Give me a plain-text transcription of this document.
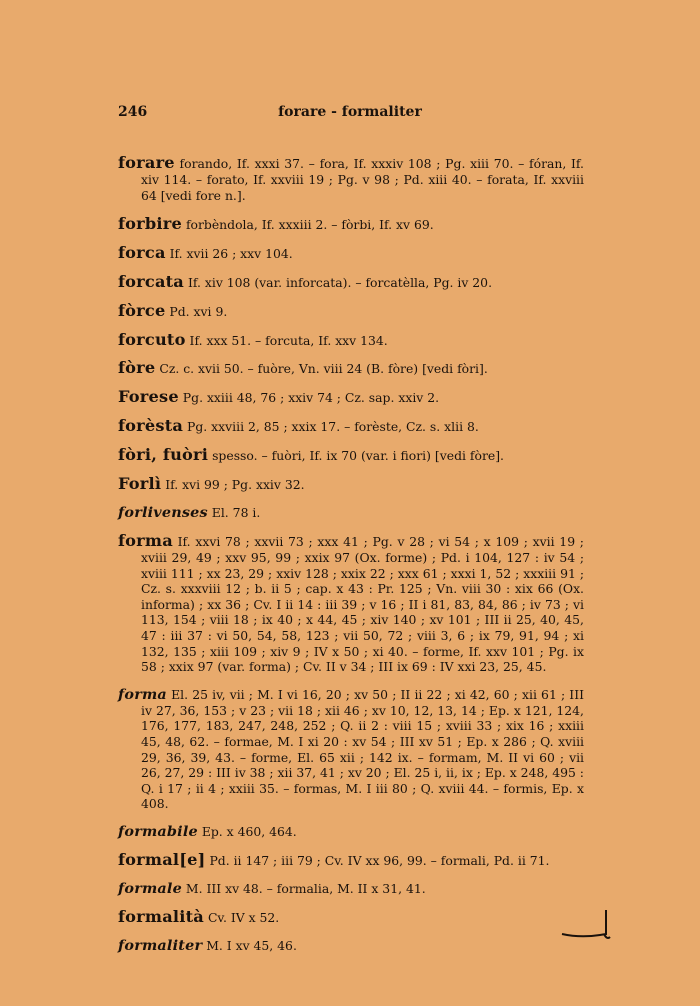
246	forare - formaliter

forare forando, If. xxxi 37. – fora, If. xxxiv 108 ; Pg. xiii 70. – fóran, If. xiv 114. – forato, If. xxviii 19 ; Pg. v 98 ; Pd. xiii 40. – forata, If. xxviii 64 [vedi fore n.].

forbire forbèndola, If. xxxiii 2. – fòrbi, If. xv 69.

forca If. xvii 26 ; xxv 104.

forcata If. xiv 108 (var. inforcata). – forcatèlla, Pg. iv 20.

fòrce Pd. xvi 9.

forcuto If. xxx 51. – forcuta, If. xxv 134.

fòre Cz. c. xvii 50. – fuòre, Vn. viii 24 (B. fòre) [vedi fòri].

Forese Pg. xxiii 48, 76 ; xxiv 74 ; Cz. sap. xxiv 2.

forèsta Pg. xxviii 2, 85 ; xxix 17. – forèste, Cz. s. xlii 8.

fòri, fuòri spesso. – fuòri, If. ix 70 (var. i fiori) [vedi fòre].

Forlì If. xvi 99 ; Pg. xxiv 32.

forlivenses El. 78 i.

forma If. xxvi 78 ; xxvii 73 ; xxx 41 ; Pg. v 28 ; vi 54 ; x 109 ; xvii 19 ; xviii 29, 49 ; xxv 95, 99 ; xxix 97 (Ox. forme) ; Pd. i 104, 127 : iv 54 ; xviii 111 ; xx 23, 29 ; xxiv 128 ; xxix 22 ; xxx 61 ; xxxi 1, 52 ; xxxiii 91 ; Cz. s. xxxviii 12 ; b. ii 5 ; cap. x 43 : Pr. 125 ; Vn. viii 30 : xix 66 (Ox. informa) ; xx 36 ; Cv. I ii 14 : iii 39 ; v 16 ; II i 81, 83, 84, 86 ; iv 73 ; vi 113, 154 ; viii 18 ; ix 40 ; x 44, 45 ; xiv 140 ; xv 101 ; III ii 25, 40, 45, 47 : iii 37 : vi 50, 54, 58, 123 ; vii 50, 72 ; viii 3, 6 ; ix 79, 91, 94 ; xi 132, 135 ; xiii 109 ; xiv 9 ; IV x 50 ; xi 40. – forme, If. xxv 101 ; Pg. ix 58 ; xxix 97 (var. forma) ; Cv. II v 34 ; III ix 69 : IV xxi 23, 25, 45.

forma El. 25 iv, vii ; M. I vi 16, 20 ; xv 50 ; II ii 22 ; xi 42, 60 ; xii 61 ; III iv 27, 36, 153 ; v 23 ; vii 18 ; xii 46 ; xv 10, 12, 13, 14 ; Ep. x 121, 124, 176, 177, 183, 247, 248, 252 ; Q. ii 2 : viii 15 ; xviii 33 ; xix 16 ; xxiii 45, 48, 62. – formae, M. I xi 20 : xv 54 ; III xv 51 ; Ep. x 286 ; Q. xviii 29, 36, 39, 43. – forme, El. 65 xii ; 142 ix. – formam, M. II vi 60 ; vii 26, 27, 29 : III iv 38 ; xii 37, 41 ; xv 20 ; El. 25 i, ii, ix ; Ep. x 248, 495 : Q. i 17 ; ii 4 ; xxiii 35. – formas, M. I iii 80 ; Q. xviii 44. – formis, Ep. x 408.

formabile Ep. x 460, 464.

formal[e] Pd. ii 147 ; iii 79 ; Cv. IV xx 96, 99. – formali, Pd. ii 71.

formale M. III xv 48. – formalia, M. II x 31, 41.

formalità Cv. IV x 52.

formaliter M. I xv 45, 46.
